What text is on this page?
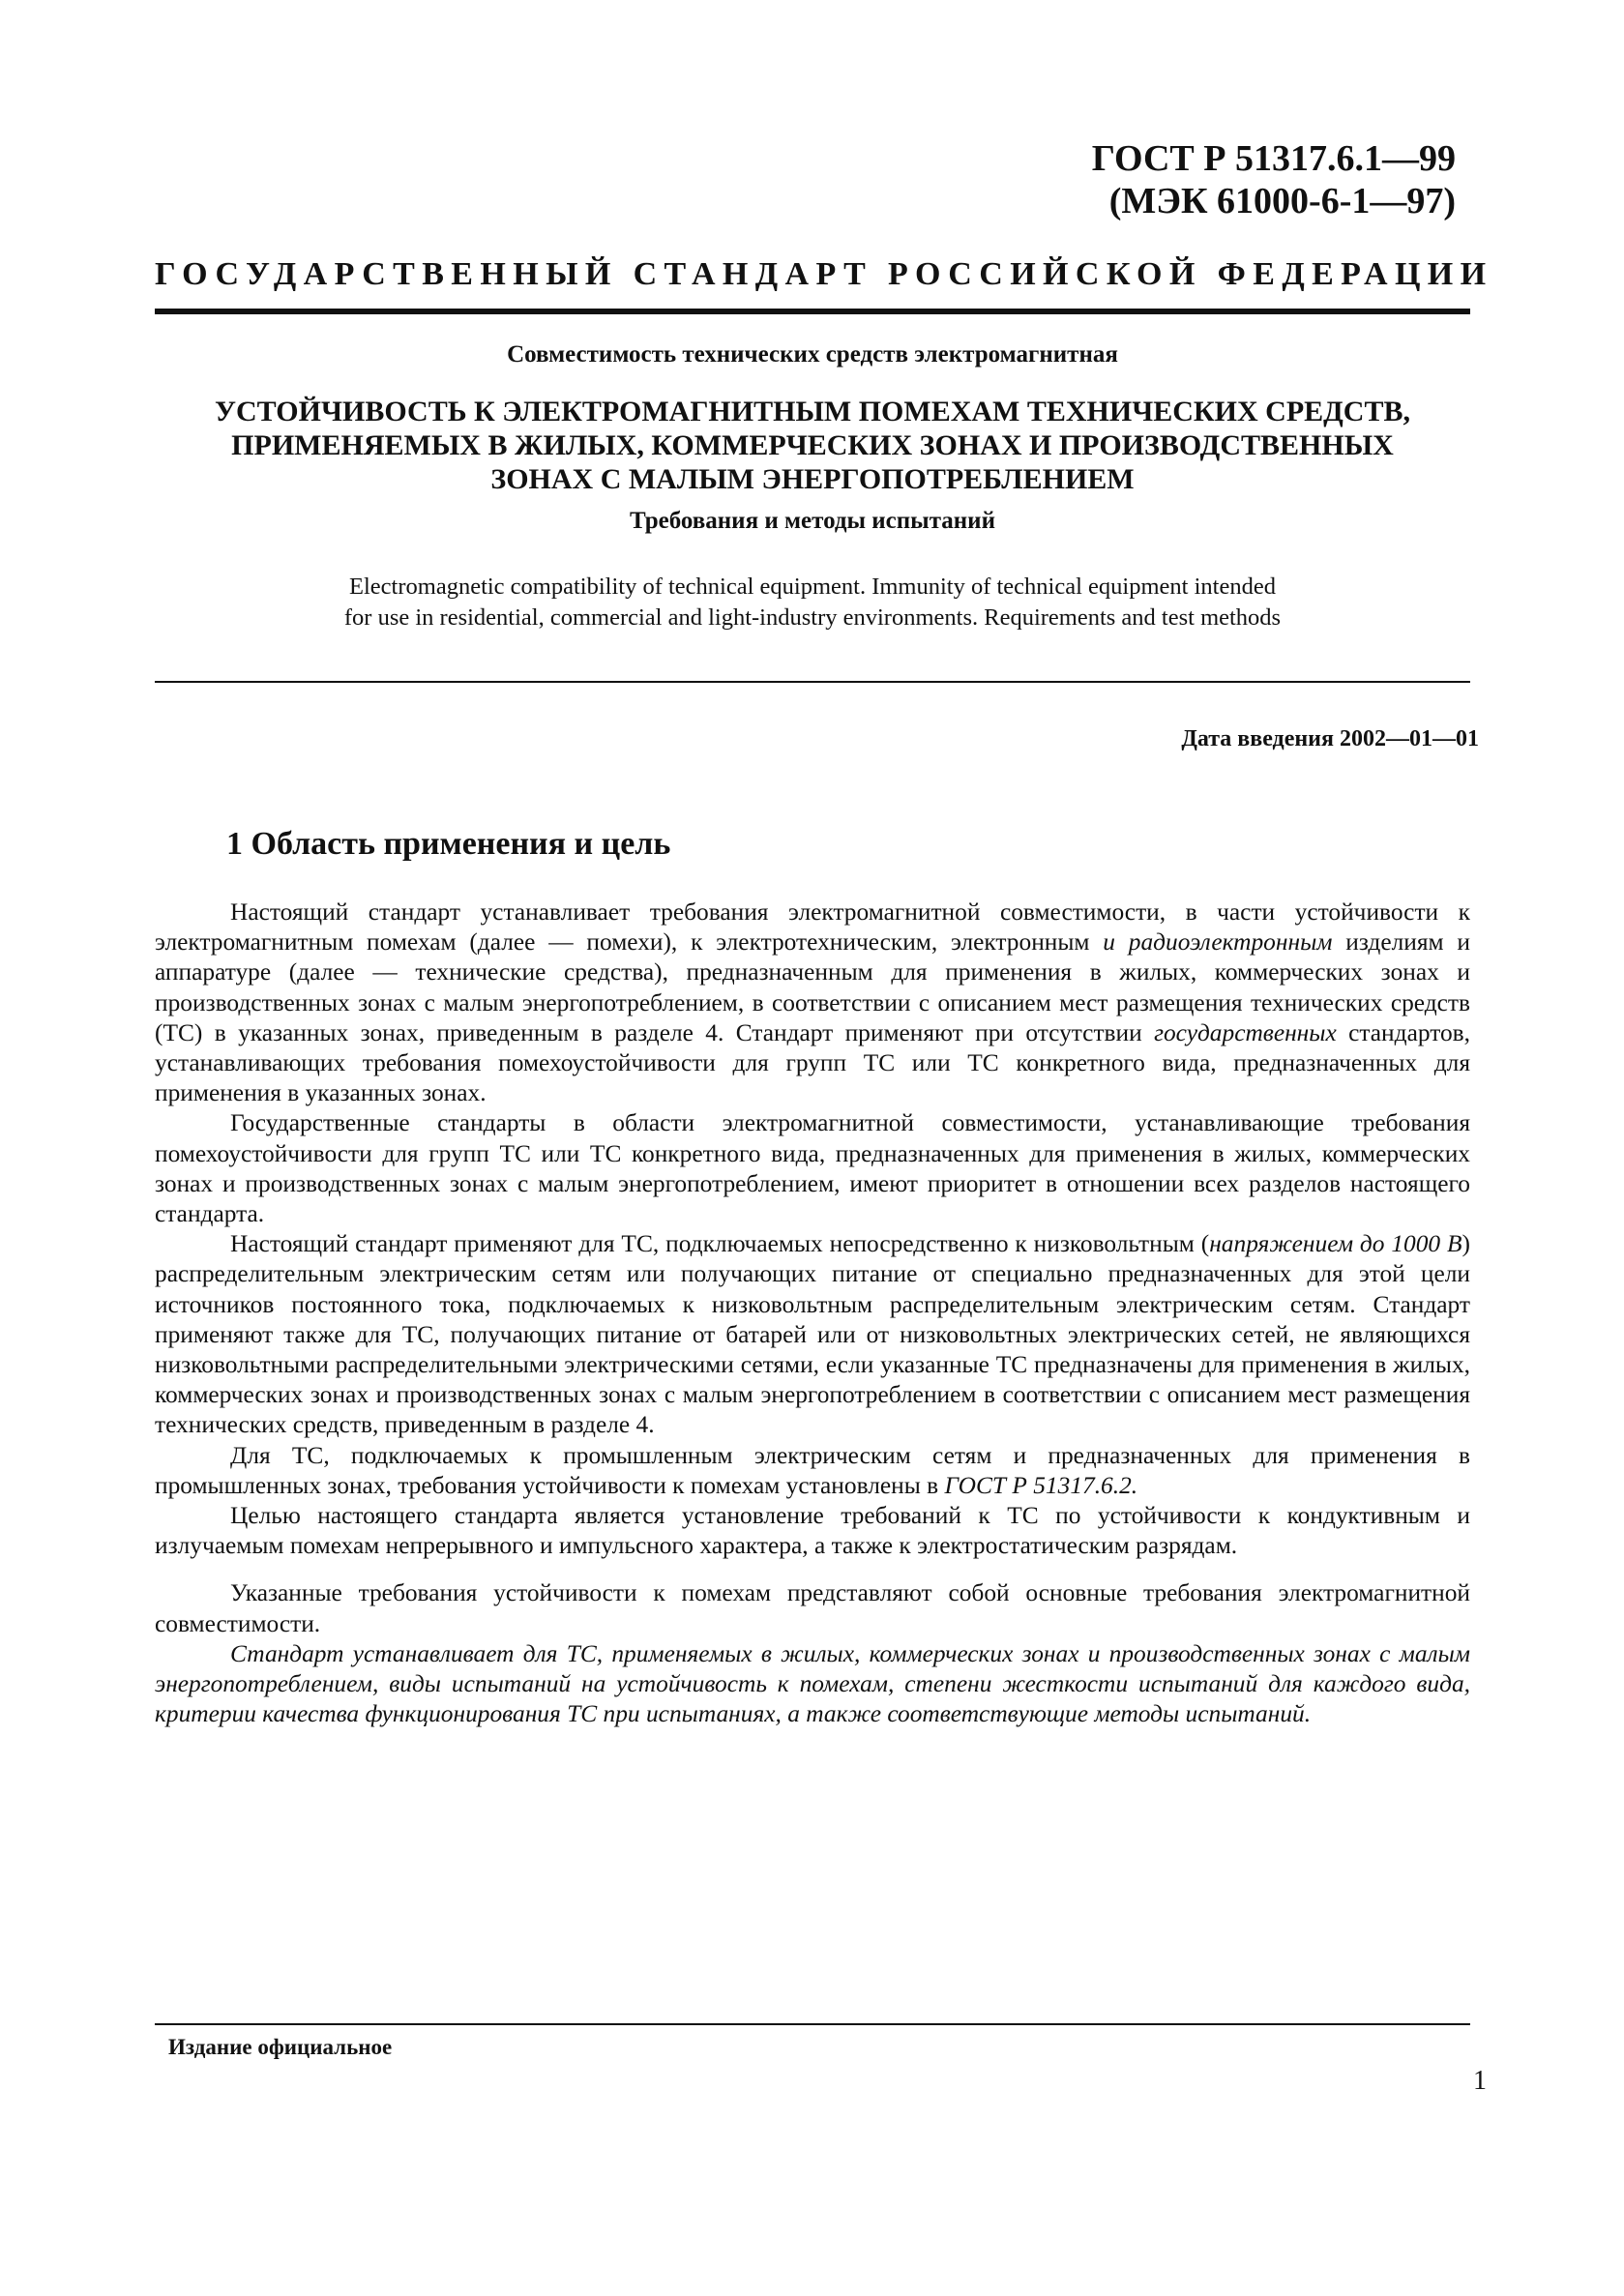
ГОСТ Р 51317.6.1—99
(МЭК 61000-6-1—97)
ГОСУДАРСТВЕННЫЙ СТАНДАРТ РОССИЙСКОЙ ФЕДЕРАЦИИ
Совместимость технических средств электромагнитная
УСТОЙЧИВОСТЬ К ЭЛЕКТРОМАГНИТНЫМ ПОМЕХАМ ТЕХНИЧЕСКИХ СРЕДСТВ,
ПРИМЕНЯЕМЫХ В ЖИЛЫХ, КОММЕРЧЕСКИХ ЗОНАХ И ПРОИЗВОДСТВЕННЫХ
ЗОНАХ С МАЛЫМ ЭНЕРГОПОТРЕБЛЕНИЕМ
Требования и методы испытаний
Electromagnetic compatibility of technical equipment. Immunity of technical equipment intended
for use in residential, commercial and light-industry environments. Requirements and test methods
Дата введения 2002—01—01
1 Область применения и цель

Настоящий стандарт устанавливает требования электромагнитной совместимости, в части устойчивости к электромагнитным помехам (далее — помехи), к электротехническим, электронным и радиоэлектронным изделиям и аппаратуре (далее — технические средства), предназначенным для применения в жилых, коммерческих зонах и производственных зонах с малым энергопотреблением, в соответствии с описанием мест размещения технических средств (ТС) в указанных зонах, приведенным в разделе 4. Стандарт применяют при отсутствии государственных стандартов, устанавливающих требования помехоустойчивости для групп ТС или ТС конкретного вида, предназначенных для применения в указанных зонах.

Государственные стандарты в области электромагнитной совместимости, устанавливающие требования помехоустойчивости для групп ТС или ТС конкретного вида, предназначенных для применения в жилых, коммерческих зонах и производственных зонах с малым энергопотреблением, имеют приоритет в отношении всех разделов настоящего стандарта.

Настоящий стандарт применяют для ТС, подключаемых непосредственно к низковольтным (напряжением до 1000 В) распределительным электрическим сетям или получающих питание от специально предназначенных для этой цели источников постоянного тока, подключаемых к низковольтным распределительным электрическим сетям. Стандарт применяют также для ТС, получающих питание от батарей или от низковольтных электрических сетей, не являющихся низковольтными распределительными электрическими сетями, если указанные ТС предназначены для применения в жилых, коммерческих зонах и производственных зонах с малым энергопотреблением в соответствии с описанием мест размещения технических средств, приведенным в разделе 4.

Для ТС, подключаемых к промышленным электрическим сетям и предназначенных для применения в промышленных зонах, требования устойчивости к помехам установлены в ГОСТ Р 51317.6.2.

Целью настоящего стандарта является установление требований к ТС по устойчивости к кондуктивным и излучаемым помехам непрерывного и импульсного характера, а также к электростатическим разрядам.

Указанные требования устойчивости к помехам представляют собой основные требования электромагнитной совместимости.

Стандарт устанавливает для ТС, применяемых в жилых, коммерческих зонах и производственных зонах с малым энергопотреблением, виды испытаний на устойчивость к помехам, степени жесткости испытаний для каждого вида, критерии качества функционирования ТС при испытаниях, а также соответствующие методы испытаний.

Издание официальное
1
